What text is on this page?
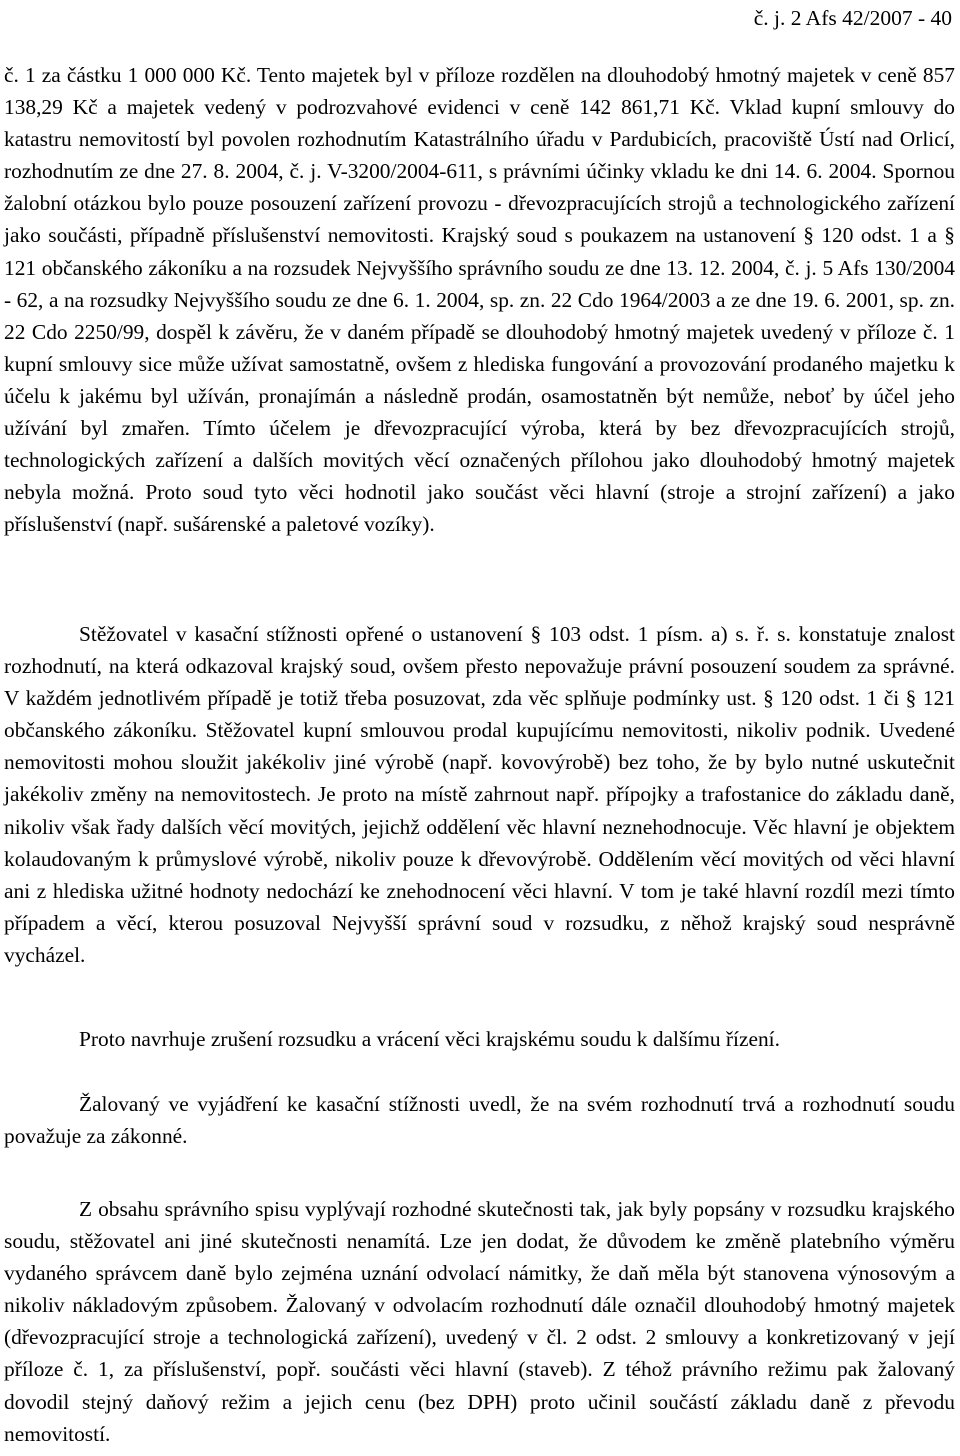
č. j. 2 Afs 42/2007 - 40

č. 1 za částku 1 000 000 Kč. Tento majetek byl v příloze rozdělen na dlouhodobý hmotný majetek v ceně 857 138,29 Kč a majetek vedený v podrozvahové evidenci v ceně 142 861,71 Kč. Vklad kupní smlouvy do katastru nemovitostí byl povolen rozhodnutím Katastrálního úřadu v Pardubicích, pracoviště Ústí nad Orlicí, rozhodnutím ze dne 27. 8. 2004, č. j. V-3200/2004-611, s právními účinky vkladu ke dni 14. 6. 2004. Spornou žalobní otázkou bylo pouze posouzení zařízení provozu - dřevozpracujících strojů a technologického zařízení jako součásti, případně příslušenství nemovitosti. Krajský soud s poukazem na ustanovení § 120 odst. 1 a § 121 občanského zákoníku a na rozsudek Nejvyššího správního soudu ze dne 13. 12. 2004, č. j. 5 Afs 130/2004 - 62, a na rozsudky Nejvyššího soudu ze dne 6. 1. 2004, sp. zn. 22 Cdo 1964/2003 a ze dne 19. 6. 2001, sp. zn. 22 Cdo 2250/99, dospěl k závěru, že v daném případě se dlouhodobý hmotný majetek uvedený v příloze č. 1 kupní smlouvy sice může užívat samostatně, ovšem z hlediska fungování a provozování prodaného majetku k účelu k jakému byl užíván, pronajímán a následně prodán, osamostatněn být nemůže, neboť by účel jeho užívání byl zmařen. Tímto účelem je dřevozpracující výroba, která by bez dřevozpracujících strojů, technologických zařízení a dalších movitých věcí označených přílohou jako dlouhodobý hmotný majetek nebyla možná. Proto soud tyto věci hodnotil jako součást věci hlavní (stroje a strojní zařízení) a jako příslušenství (např. sušárenské a paletové vozíky).

Stěžovatel v kasační stížnosti opřené o ustanovení § 103 odst. 1 písm. a) s. ř. s. konstatuje znalost rozhodnutí, na která odkazoval krajský soud, ovšem přesto nepovažuje právní posouzení soudem za správné. V každém jednotlivém případě je totiž třeba posuzovat, zda věc splňuje podmínky ust. § 120 odst. 1 či § 121 občanského zákoníku. Stěžovatel kupní smlouvou prodal kupujícímu nemovitosti, nikoliv podnik. Uvedené nemovitosti mohou sloužit jakékoliv jiné výrobě (např. kovovýrobě) bez toho, že by bylo nutné uskutečnit jakékoliv změny na nemovitostech. Je proto na místě zahrnout např. přípojky a trafostanice do základu daně, nikoliv však řady dalších věcí movitých, jejichž oddělení věc hlavní neznehodnocuje. Věc hlavní je objektem kolaudovaným k průmyslové výrobě, nikoliv pouze k dřevovýrobě. Oddělením věcí movitých od věci hlavní ani z hlediska užitné hodnoty nedochází ke znehodnocení věci hlavní. V tom je také hlavní rozdíl mezi tímto případem a věcí, kterou posuzoval Nejvyšší správní soud v rozsudku, z něhož krajský soud nesprávně vycházel.

Proto navrhuje zrušení rozsudku a vrácení věci krajskému soudu k dalšímu řízení.

Žalovaný ve vyjádření ke kasační stížnosti uvedl, že na svém rozhodnutí trvá a rozhodnutí soudu považuje za zákonné.

Z obsahu správního spisu vyplývají rozhodné skutečnosti tak, jak byly popsány v rozsudku krajského soudu, stěžovatel ani jiné skutečnosti nenamítá. Lze jen dodat, že důvodem ke změně platebního výměru vydaného správcem daně bylo zejména uznání odvolací námitky, že daň měla být stanovena výnosovým a nikoliv nákladovým způsobem. Žalovaný v odvolacím rozhodnutí dále označil dlouhodobý hmotný majetek (dřevozpracující stroje a technologická zařízení), uvedený v čl. 2 odst. 2 smlouvy a konkretizovaný v její příloze č. 1, za příslušenství, popř. součásti věci hlavní (staveb). Z téhož právního režimu pak žalovaný dovodil stejný daňový režim a jejich cenu (bez DPH) proto učinil součástí základu daně z převodu nemovitostí.
